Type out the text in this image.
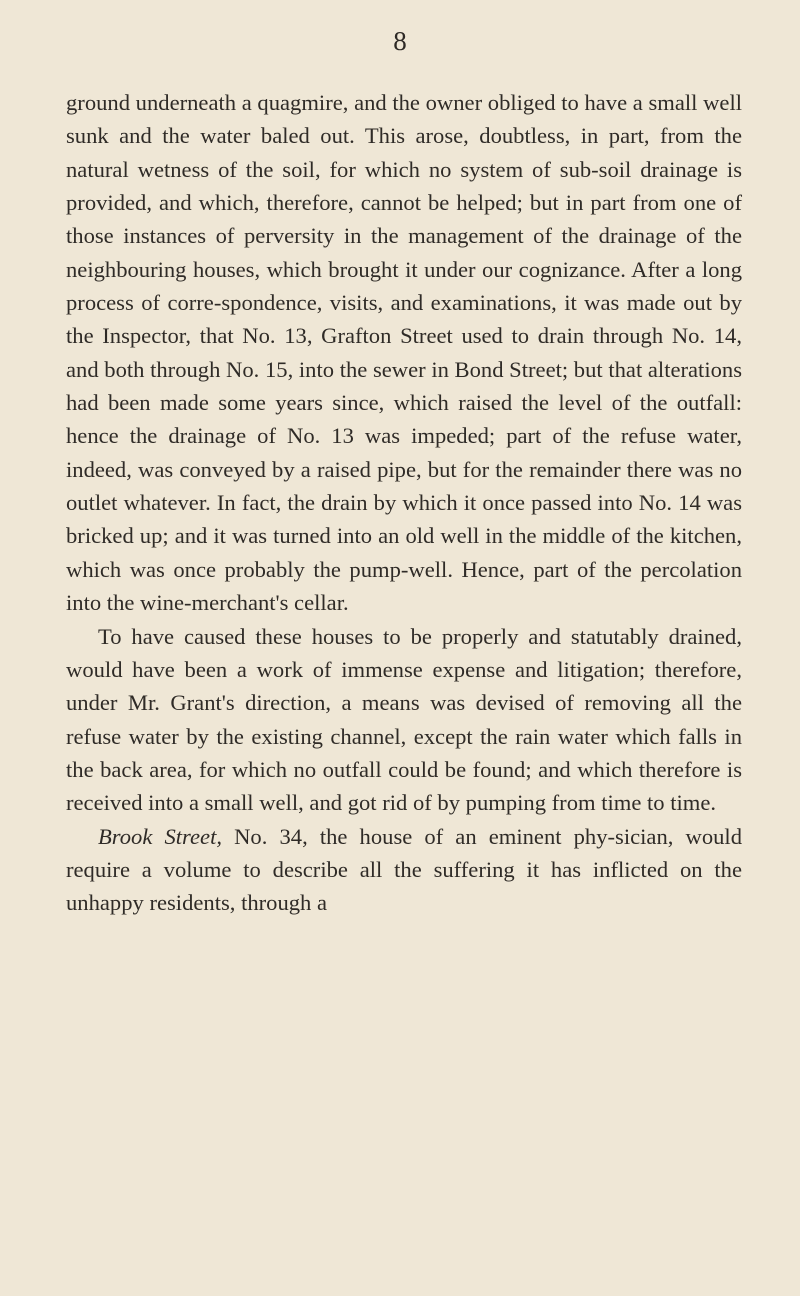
8

ground underneath a quagmire, and the owner obliged to have a small well sunk and the water baled out. This arose, doubtless, in part, from the natural wetness of the soil, for which no system of sub-soil drainage is provided, and which, therefore, cannot be helped; but in part from one of those instances of perversity in the management of the drainage of the neighbouring houses, which brought it under our cognizance. After a long process of corre-spondence, visits, and examinations, it was made out by the Inspector, that No. 13, Grafton Street used to drain through No. 14, and both through No. 15, into the sewer in Bond Street; but that alterations had been made some years since, which raised the level of the outfall: hence the drainage of No. 13 was impeded; part of the refuse water, indeed, was conveyed by a raised pipe, but for the remainder there was no outlet whatever. In fact, the drain by which it once passed into No. 14 was bricked up; and it was turned into an old well in the middle of the kitchen, which was once probably the pump-well. Hence, part of the percolation into the wine-merchant's cellar.

To have caused these houses to be properly and statutably drained, would have been a work of immense expense and litigation; therefore, under Mr. Grant's direction, a means was devised of removing all the refuse water by the existing channel, except the rain water which falls in the back area, for which no outfall could be found; and which therefore is received into a small well, and got rid of by pumping from time to time.

Brook Street, No. 34, the house of an eminent phy-sician, would require a volume to describe all the suffering it has inflicted on the unhappy residents, through a
